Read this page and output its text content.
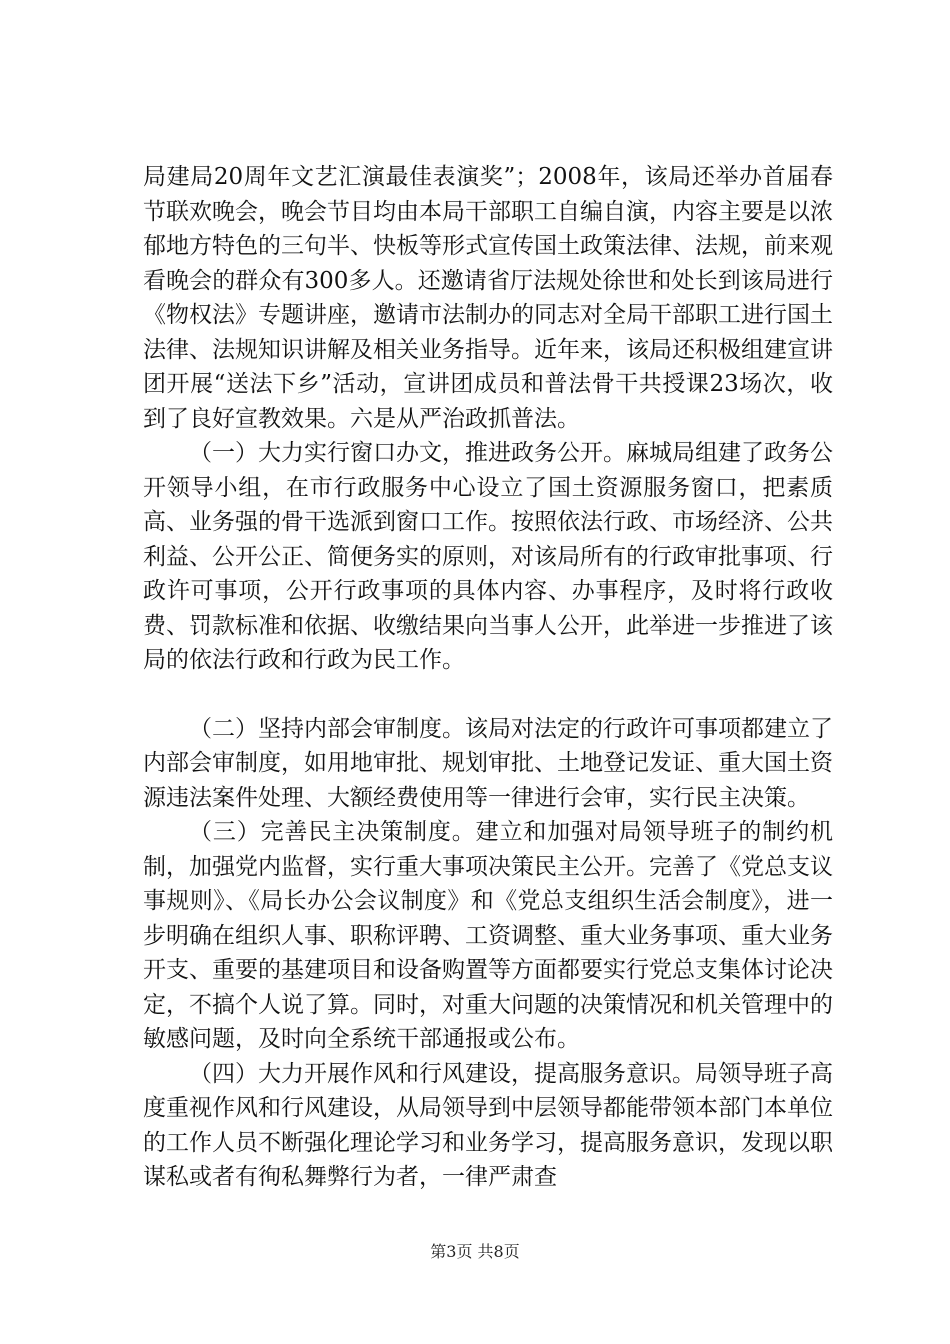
局建局20周年文艺汇演最佳表演奖”；2008年，该局还举办首届春节联欢晚会，晚会节目均由本局干部职工自编自演，内容主要是以浓郁地方特色的三句半、快板等形式宣传国土政策法律、法规，前来观看晚会的群众有300多人。还邀请省厅法规处徐世和处长到该局进行《物权法》专题讲座，邀请市法制办的同志对全局干部职工进行国土法律、法规知识讲解及相关业务指导。近年来，该局还积极组建宣讲团开展“送法下乡”活动，宣讲团成员和普法骨干共授课23场次，收到了良好宣教效果。六是从严治政抓普法。

（一）大力实行窗口办文，推进政务公开。麻城局组建了政务公开领导小组，在市行政服务中心设立了国土资源服务窗口，把素质高、业务强的骨干选派到窗口工作。按照依法行政、市场经济、公共利益、公开公正、简便务实的原则，对该局所有的行政审批事项、行政许可事项，公开行政事项的具体内容、办事程序，及时将行政收费、罚款标准和依据、收缴结果向当事人公开，此举进一步推进了该局的依法行政和行政为民工作。

（二）坚持内部会审制度。该局对法定的行政许可事项都建立了内部会审制度，如用地审批、规划审批、土地登记发证、重大国土资源违法案件处理、大额经费使用等一律进行会审，实行民主决策。

（三）完善民主决策制度。建立和加强对局领导班子的制约机制，加强党内监督，实行重大事项决策民主公开。完善了《党总支议事规则》、《局长办公会议制度》和《党总支组织生活会制度》，进一步明确在组织人事、职称评聘、工资调整、重大业务事项、重大业务开支、重要的基建项目和设备购置等方面都要实行党总支集体讨论决定，不搞个人说了算。同时，对重大问题的决策情况和机关管理中的敏感问题，及时向全系统干部通报或公布。

（四）大力开展作风和行风建设，提高服务意识。局领导班子高度重视作风和行风建设，从局领导到中层领导都能带领本部门本单位的工作人员不断强化理论学习和业务学习，提高服务意识，发现以职谋私或者有徇私舞弊行为者，一律严肃查

第3页 共8页
